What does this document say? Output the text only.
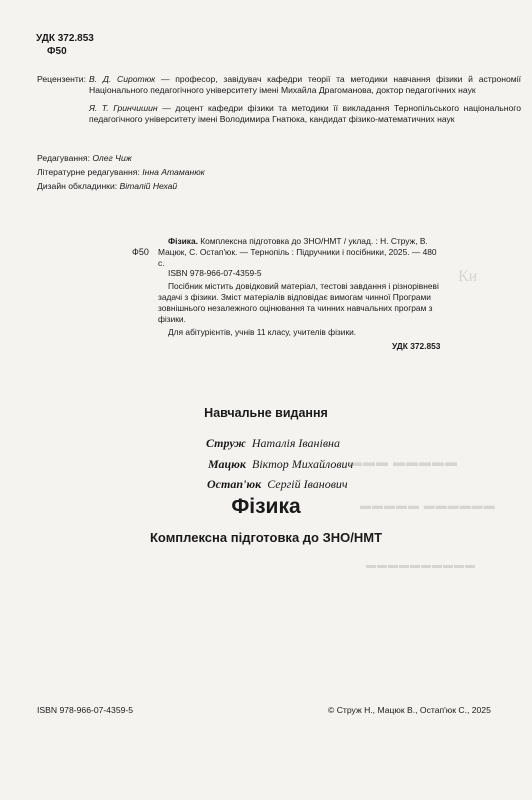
Ки
▬▬▬ ▬▬▬▬▬
▬▬▬▬▬ ▬▬▬▬▬▬
▬▬▬▬▬▬▬▬▬▬
УДК 372.853
Ф50
Рецензенти: В. Д. Сиротюк — професор, завідувач кафедри теорії та методики навчання фізики й астрономії Національного педагогічного університету імені Михайла Драгоманова, доктор педагогічних наук
Я. Т. Гринчишин — доцент кафедри фізики та методики її викладання Тернопільського національного педагогічного університету імені Володимира Гнатюка, кандидат фізико-математичних наук
Редагування: Олег Чиж
Літературне редагування: Інна Атаманюк
Дизайн обкладинки: Віталій Нехай
Ф50

Фізика. Комплексна підготовка до ЗНО/НМТ / уклад. : Н. Струж, В. Мацюк, С. Остап'юк. — Тернопіль : Підручники і посібники, 2025. — 480 с.

ISBN 978-966-07-4359-5

Посібник містить довідковий матеріал, тестові завдання і різнорівневі задачі з фізики. Зміст матеріалів відповідає вимогам чинної Програми зовнішнього незалежного оцінювання та чинних навчальних програм з фізики.

Для абітурієнтів, учнів 11 класу, учителів фізики.

УДК 372.853
Навчальне видання
Струж Наталія Іванівна
Мацюк Віктор Михайлович
Остап'юк Сергій Іванович
Фізика
Комплексна підготовка до ЗНО/НМТ
ISBN 978-966-07-4359-5	© Струж Н., Мацюк В., Остап'юк С., 2025
